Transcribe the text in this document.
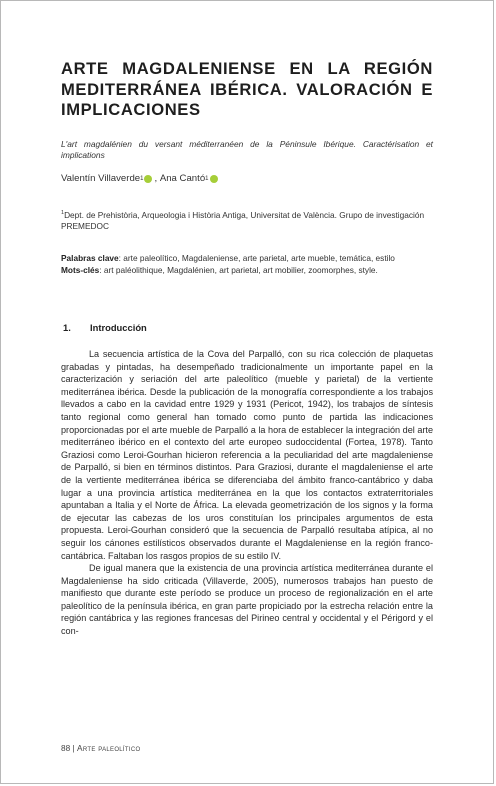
ARTE MAGDALENIENSE EN LA REGIÓN MEDITERRÁNEA IBÉRICA. VALORACIÓN E IMPLICACIONES
L'art magdalénien du versant méditerranéen de la Péninsule Ibérique. Caractérisation et implications
Valentín Villaverde 1 , Ana Cantó 1
$^1$Dept. de Prehistòria, Arqueologia i Història Antiga, Universitat de València. Grupo de investigación PREMEDOC

Palabras clave: arte paleolítico, Magdaleniense, arte parietal, arte mueble, temática, estilo

Mots-clés: art paléolithique, Magdalénien, art parietal, art mobilier, zoomorphes, style.

1.	Introducción

La secuencia artística de la Cova del Parpalló, con su rica colección de plaquetas grabadas y pintadas, ha desempeñado tradicionalmente un importante papel en la caracterización y seriación del arte paleolítico (mueble y parietal) de la vertiente mediterránea ibérica. Desde la publicación de la monografía correspondiente a los trabajos llevados a cabo en la cavidad entre 1929 y 1931 (Pericot, 1942), los trabajos de síntesis tanto regional como general han tomado como punto de partida las indicaciones proporcionadas por el arte mueble de Parpalló a la hora de establecer la integración del arte mediterráneo ibérico en el contexto del arte europeo sudoccidental (Fortea, 1978). Tanto Graziosi como Leroi-Gourhan hicieron referencia a la peculiaridad del arte magdaleniense de Parpalló, si bien en términos distintos. Para Graziosi, durante el magdaleniense el arte de la vertiente mediterránea ibérica se diferenciaba del ámbito franco-cantábrico y daba lugar a una provincia artística mediterránea en la que los contactos extraterritoriales apuntaban a Italia y el Norte de África. La elevada geometrización de los signos y la forma de ejecutar las cabezas de los uros constituían los principales argumentos de esta propuesta. Leroi-Gourhan consideró que la secuencia de Parpalló resultaba atípica, al no seguir los cánones estilísticos observados durante el Magdaleniense en la región franco-cantábrica. Faltaban los rasgos propios de su estilo IV.

De igual manera que la existencia de una provincia artística mediterránea durante el Magdaleniense ha sido criticada (Villaverde, 2005), numerosos trabajos han puesto de manifiesto que durante este período se produce un proceso de regionalización en el arte paleolítico de la península ibérica, en gran parte propiciado por la estrecha relación entre la región cantábrica y las regiones francesas del Pirineo central y occidental y el Périgord y el con-

88 | Arte paleolítico
